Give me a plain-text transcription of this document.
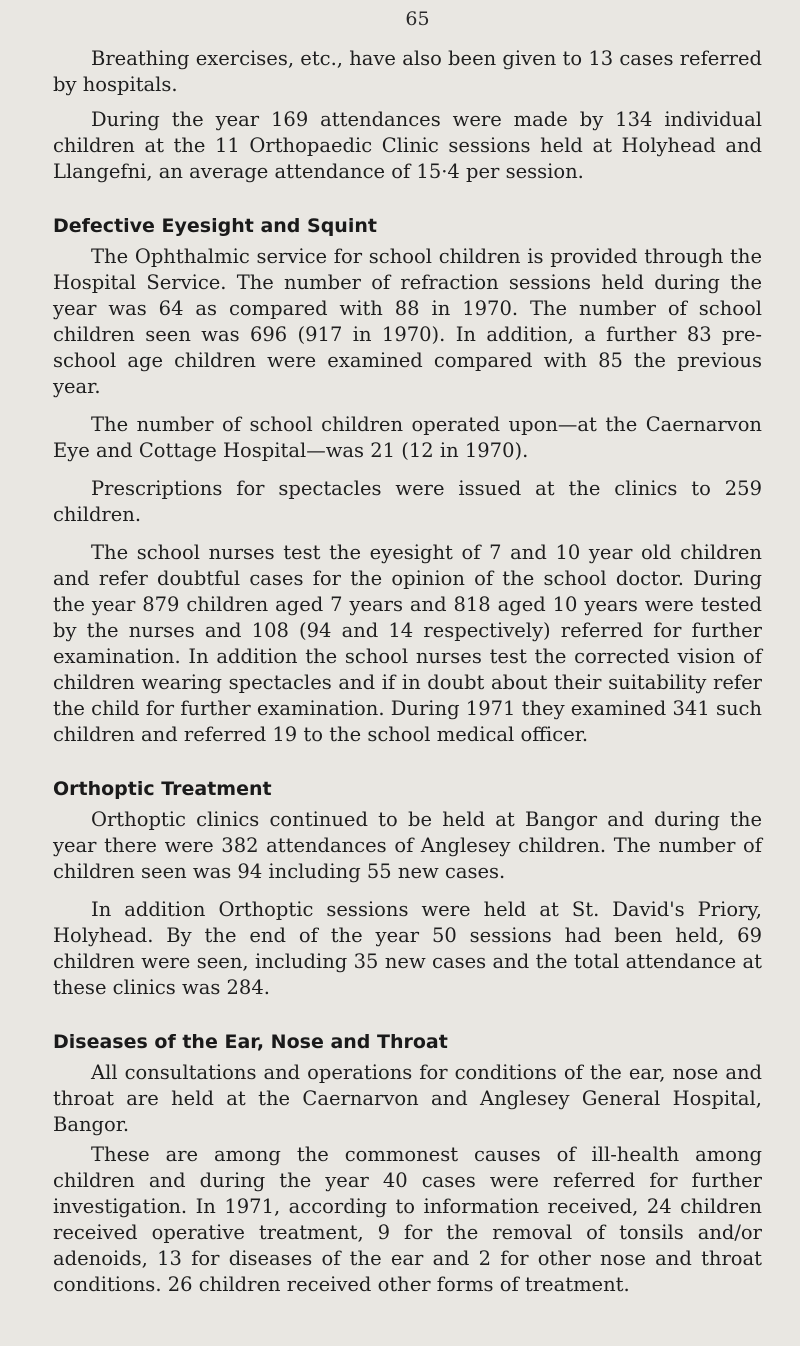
65

Breathing exercises, etc., have also been given to 13 cases referred by hospitals.

During the year 169 attendances were made by 134 individual children at the 11 Orthopaedic Clinic sessions held at Holyhead and Llangefni, an average attendance of 15·4 per session.

Defective Eyesight and Squint

The Ophthalmic service for school children is provided through the Hospital Service. The number of refraction sessions held during the year was 64 as compared with 88 in 1970. The number of school children seen was 696 (917 in 1970). In addition, a further 83 pre-school age children were examined compared with 85 the previous year.

The number of school children operated upon—at the Caernarvon Eye and Cottage Hospital—was 21 (12 in 1970).

Prescriptions for spectacles were issued at the clinics to 259 children.

The school nurses test the eyesight of 7 and 10 year old children and refer doubtful cases for the opinion of the school doctor. During the year 879 children aged 7 years and 818 aged 10 years were tested by the nurses and 108 (94 and 14 respectively) referred for further examination. In addition the school nurses test the corrected vision of children wearing spectacles and if in doubt about their suitability refer the child for further examination. During 1971 they examined 341 such children and referred 19 to the school medical officer.

Orthoptic Treatment

Orthoptic clinics continued to be held at Bangor and during the year there were 382 attendances of Anglesey children. The number of children seen was 94 including 55 new cases.

In addition Orthoptic sessions were held at St. David's Priory, Holyhead. By the end of the year 50 sessions had been held, 69 children were seen, including 35 new cases and the total attendance at these clinics was 284.

Diseases of the Ear, Nose and Throat

All consultations and operations for conditions of the ear, nose and throat are held at the Caernarvon and Anglesey General Hospital, Bangor.

These are among the commonest causes of ill-health among children and during the year 40 cases were referred for further investigation. In 1971, according to information received, 24 children received operative treatment, 9 for the removal of tonsils and/or adenoids, 13 for diseases of the ear and 2 for other nose and throat conditions. 26 children received other forms of treatment.
